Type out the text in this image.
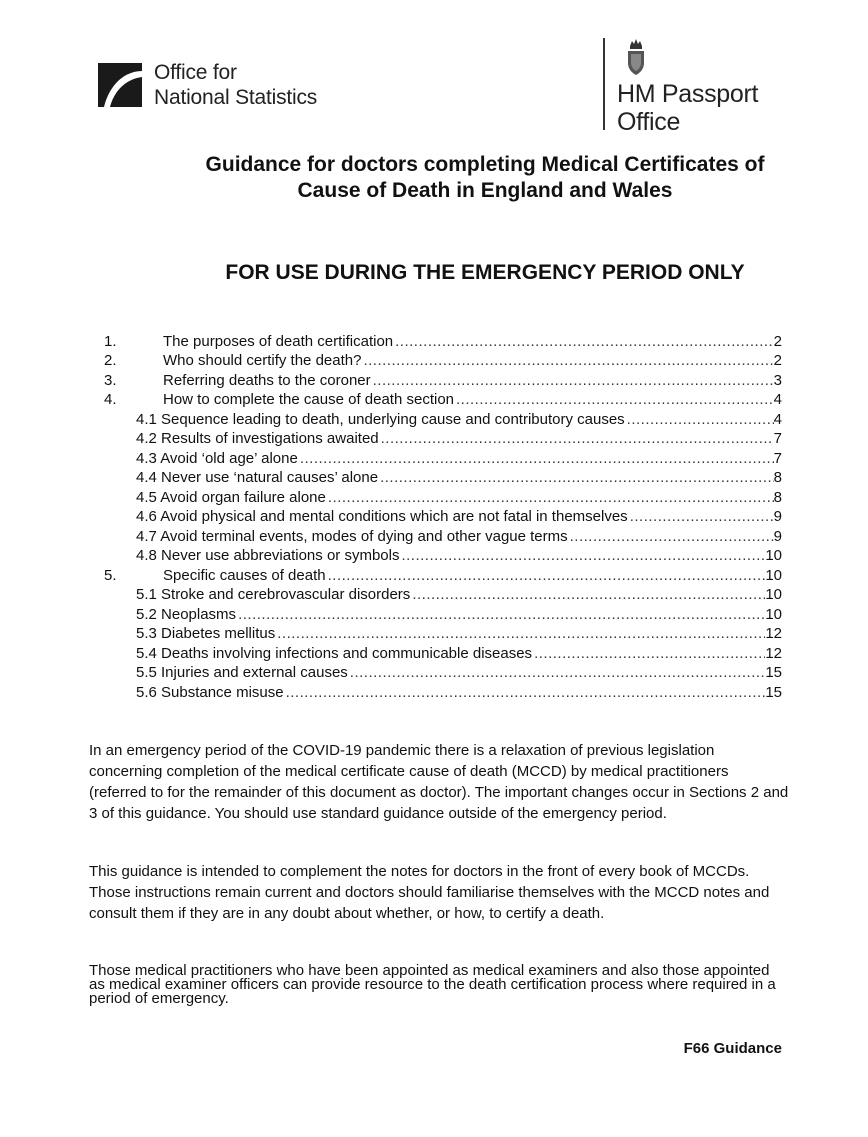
Office for
National Statistics	HM Passport
Office
Guidance for doctors completing Medical Certificates of Cause of Death in England and Wales
FOR USE DURING THE EMERGENCY PERIOD ONLY
1.	The purposes of death certification .....	2
2.	Who should certify the death? .....	2
3.	Referring deaths to the coroner .....	3
4.	How to complete the cause of death section .....	4
4.1 Sequence leading to death, underlying cause and contributory causes .....	4
4.2 Results of investigations awaited .....	7
4.3 Avoid ‘old age’ alone .....	7
4.4 Never use ‘natural causes’ alone .....	8
4.5 Avoid organ failure alone .....	8
4.6 Avoid physical and mental conditions which are not fatal in themselves .....	9
4.7 Avoid terminal events, modes of dying and other vague terms .....	9
4.8 Never use abbreviations or symbols .....	10
5.	Specific causes of death .....	10
5.1 Stroke and cerebrovascular disorders .....	10
5.2 Neoplasms .....	10
5.3 Diabetes mellitus .....	12
5.4 Deaths involving infections and communicable diseases .....	12
5.5 Injuries and external causes .....	15
5.6 Substance misuse .....	15

In an emergency period of the COVID-19 pandemic there is a relaxation of previous legislation concerning completion of the medical certificate cause of death (MCCD) by medical practitioners (referred to for the remainder of this document as doctor). The important changes occur in Sections 2 and 3 of this guidance. You should use standard guidance outside of the emergency period.

This guidance is intended to complement the notes for doctors in the front of every book of MCCDs. Those instructions remain current and doctors should familiarise themselves with the MCCD notes and consult them if they are in any doubt about whether, or how, to certify a death.

Those medical practitioners who have been appointed as medical examiners and also those appointed as medical examiner officers can provide resource to the death certification process where required in a period of emergency.

F66 Guidance
